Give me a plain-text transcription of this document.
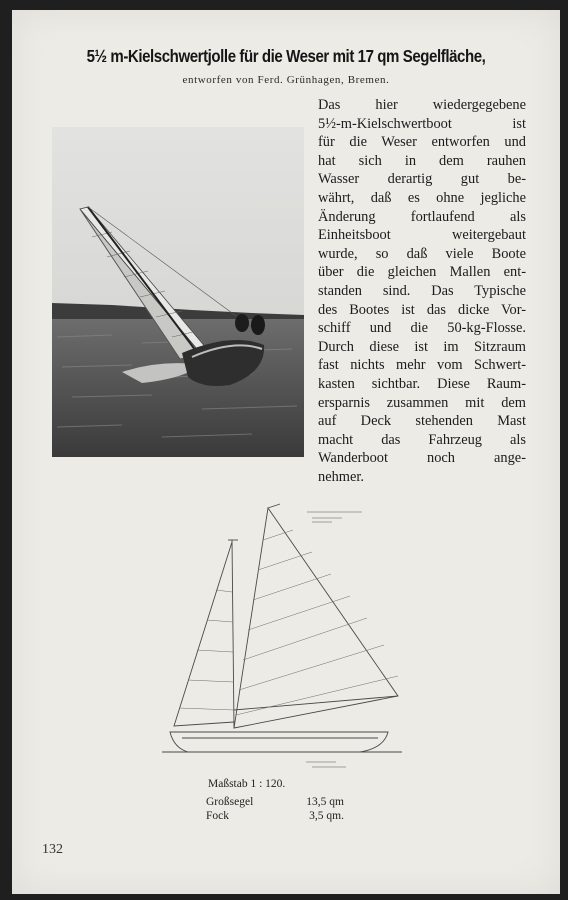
5½ m-Kielschwertjolle für die Weser mit 17 qm Segelfläche,
entworfen von Ferd. Grünhagen, Bremen.
Das hier wiedergegebene
5½-m-Kielschwertboot ist
für die Weser entworfen und
hat sich in dem rauhen
Wasser derartig gut be-
währt, daß es ohne jegliche
Änderung fortlaufend als
Einheitsboot weitergebaut
wurde, so daß viele Boote
über die gleichen Mallen ent-
standen sind. Das Typische
des Bootes ist das dicke Vor-
schiff und die 50-kg-Flosse.
Durch diese ist im Sitzraum
fast nichts mehr vom Schwert-
kasten sichtbar. Diese Raum-
ersparnis zusammen mit dem
auf Deck stehenden Mast
macht das Fahrzeug als
Wanderboot noch ange-
nehmer.
Maßstab 1 : 120.
Großsegel	13,5 qm
Fock	3,5 qm.
132
